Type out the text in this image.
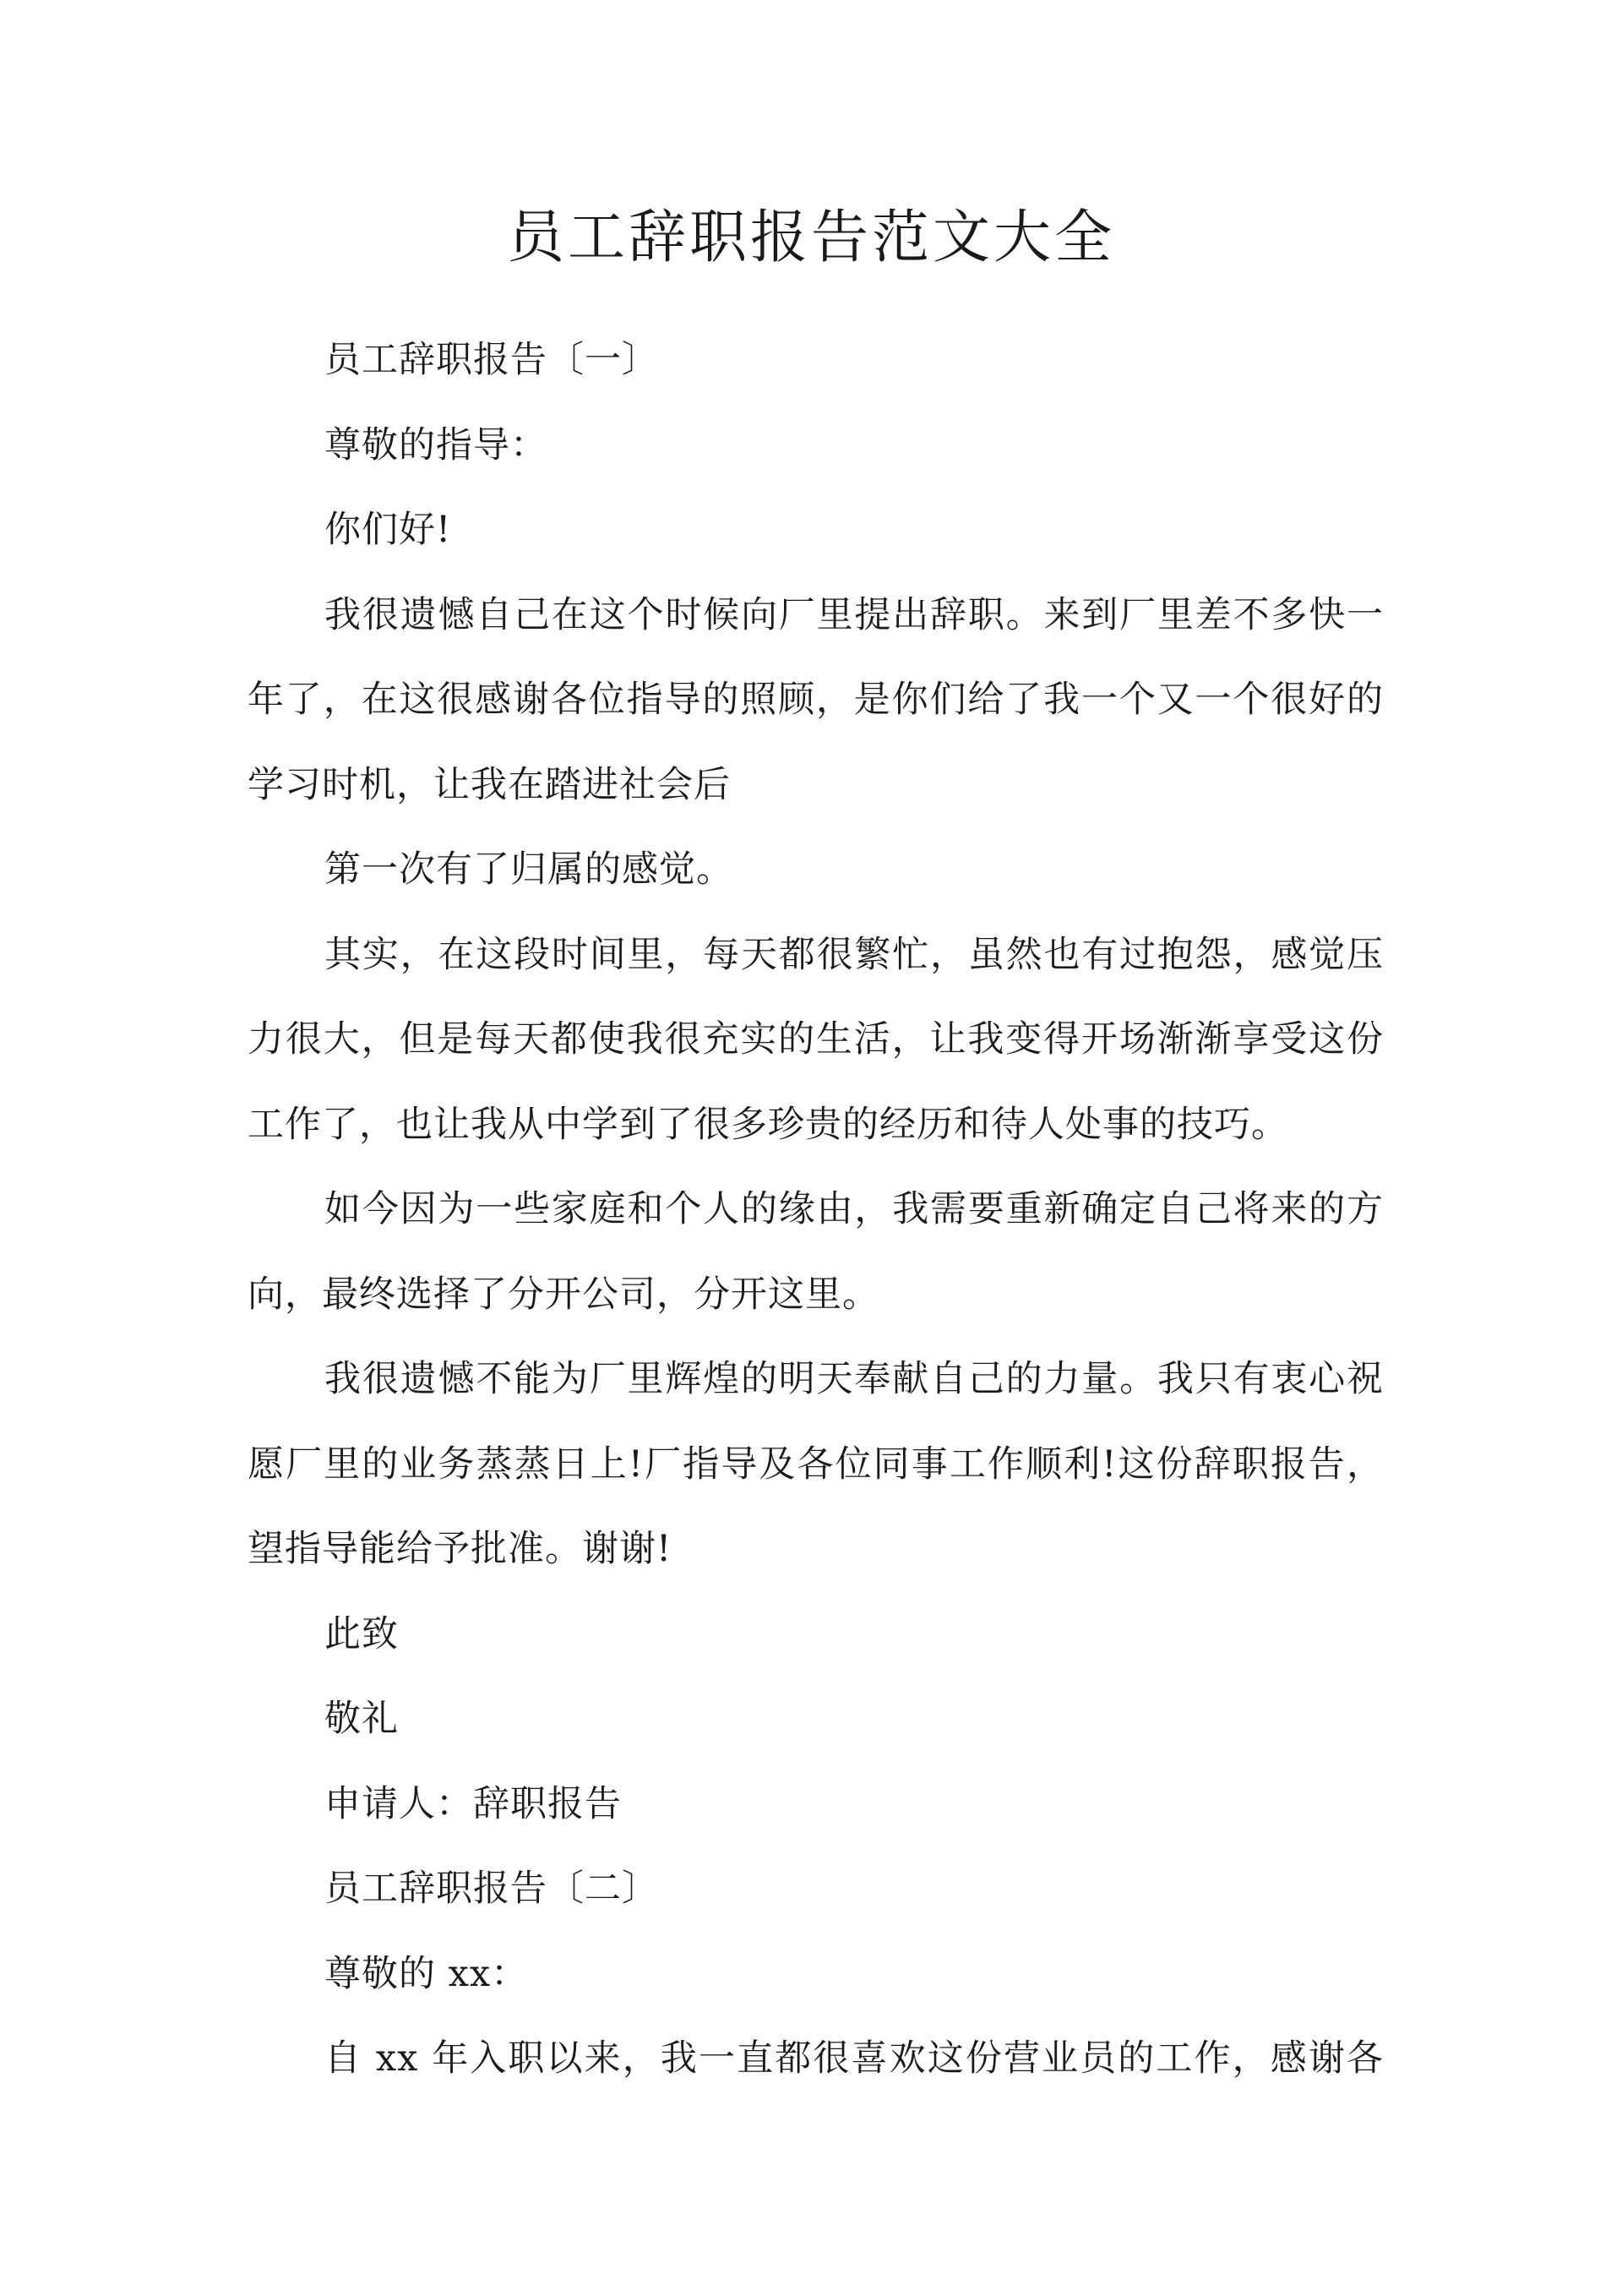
员工辞职报告范文大全

员工辞职报告〔一〕

尊敬的指导：

你们好!

我很遗憾自己在这个时候向厂里提出辞职。来到厂里差不多快一

年了，在这很感谢各位指导的照顾，是你们给了我一个又一个很好的

学习时机，让我在踏进社会后

第一次有了归属的感觉。

其实，在这段时间里，每天都很繁忙，虽然也有过抱怨，感觉压

力很大，但是每天都使我很充实的生活，让我变得开场渐渐享受这份

工作了，也让我从中学到了很多珍贵的经历和待人处事的技巧。

如今因为一些家庭和个人的缘由，我需要重新确定自己将来的方

向，最终选择了分开公司，分开这里。

我很遗憾不能为厂里辉煌的明天奉献自己的力量。我只有衷心祝

愿厂里的业务蒸蒸日上!厂指导及各位同事工作顺利!这份辞职报告，

望指导能给予批准。谢谢!

此致

敬礼

申请人：辞职报告

员工辞职报告〔二〕

尊敬的 xx：

自 xx 年入职以来，我一直都很喜欢这份营业员的工作，感谢各
